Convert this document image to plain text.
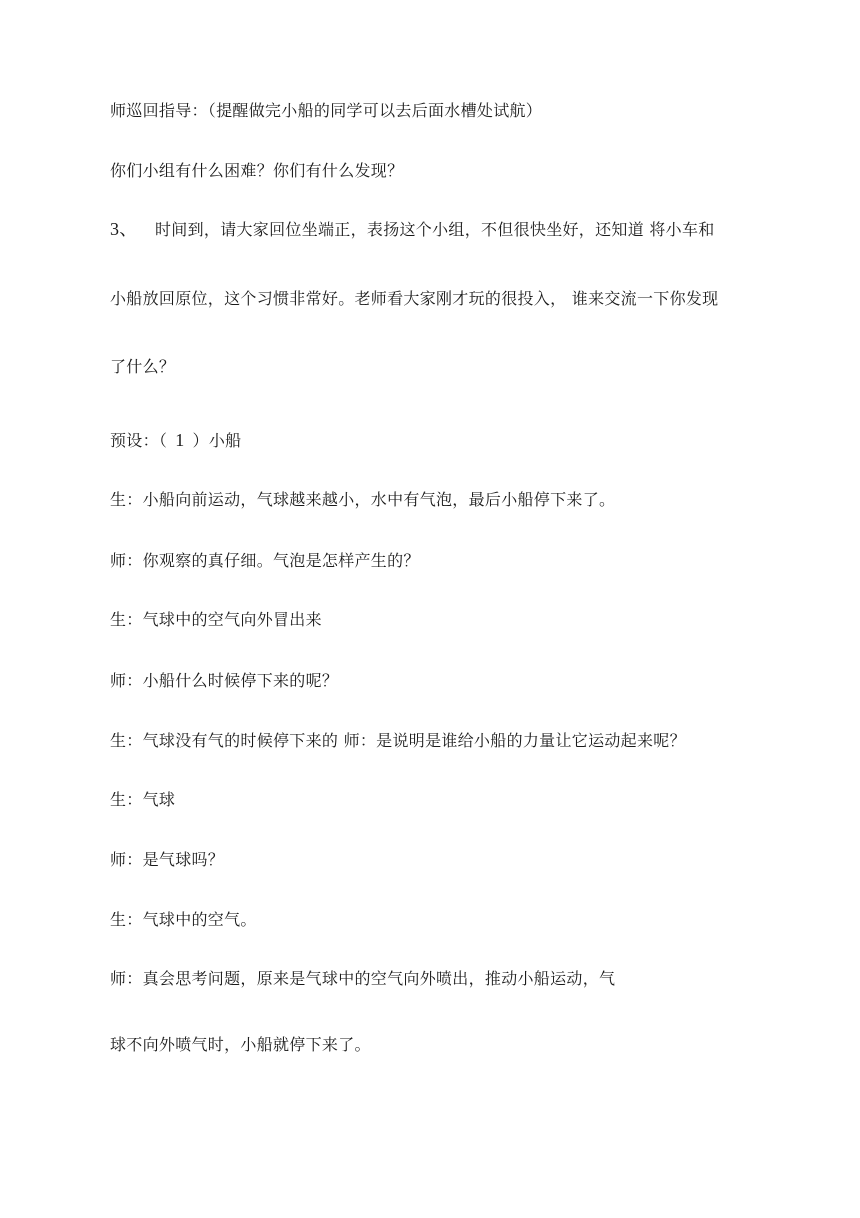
师巡回指导：（提醒做完小船的同学可以去后面水槽处试航）
你们小组有什么困难？你们有什么发现？
3、 时间到，请大家回位坐端正，表扬这个小组，不但很快坐好，还知道 将小车和
小船放回原位，这个习惯非常好。老师看大家刚才玩的很投入， 谁来交流一下你发现
了什么？
预设：（ 1 ）小船
生：小船向前运动，气球越来越小，水中有气泡，最后小船停下来了。
师：你观察的真仔细。气泡是怎样产生的？
生：气球中的空气向外冒出来
师：小船什么时候停下来的呢？
生：气球没有气的时候停下来的 师：是说明是谁给小船的力量让它运动起来呢？
生：气球
师：是气球吗？
生：气球中的空气。
师：真会思考问题，原来是气球中的空气向外喷出，推动小船运动，气
球不向外喷气时，小船就停下来了。
